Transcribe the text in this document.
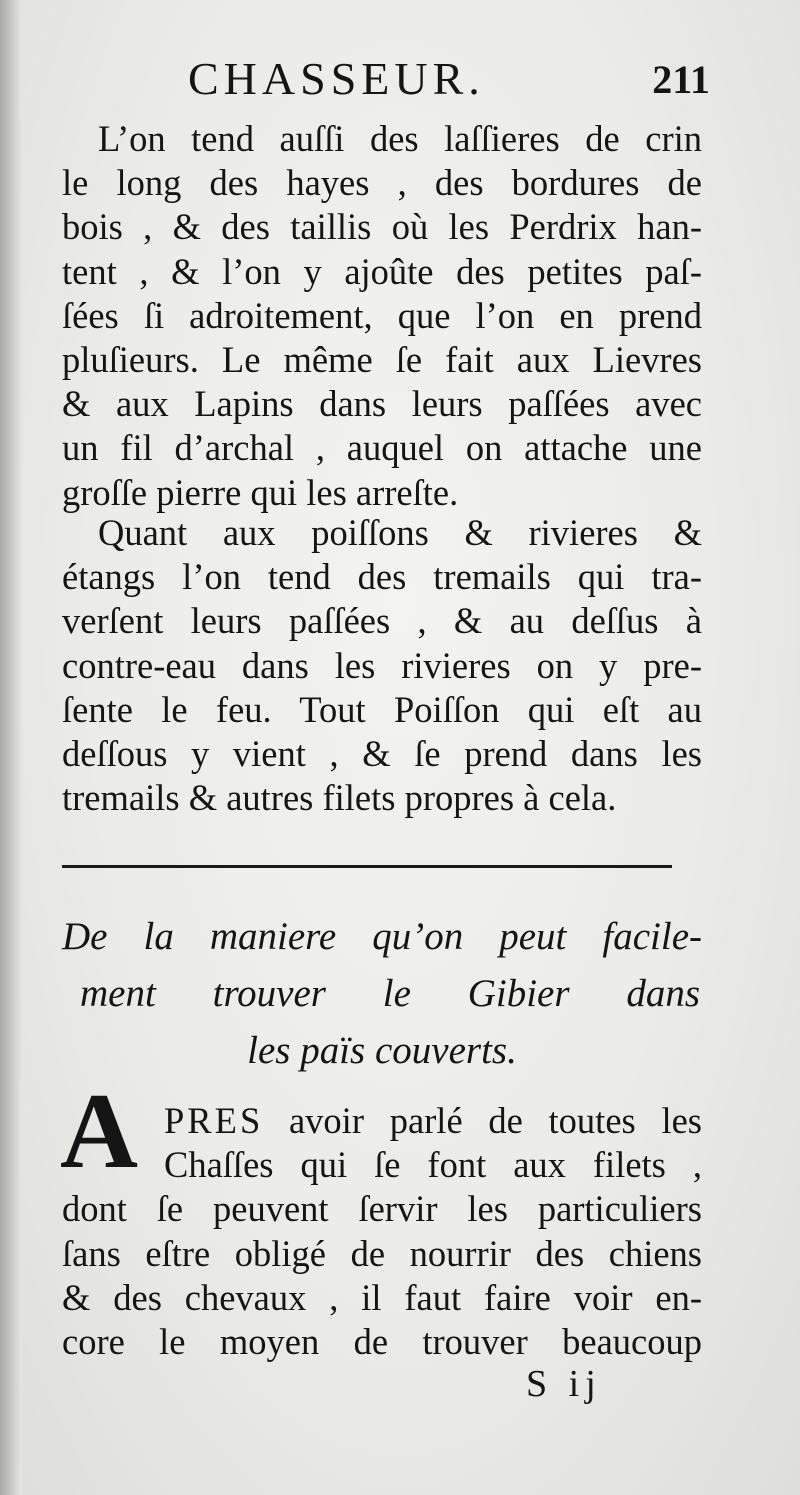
CHASSEUR.	211
L’on tend auſſi des laſſieres de crin
le long des hayes , des bordures de
bois , & des taillis où les Perdrix han-
tent , & l’on y ajoûte des petites paſ-
ſées ſi adroitement, que l’on en prend
pluſieurs. Le même ſe fait aux Lievres
& aux Lapins dans leurs paſſées avec
un fil d’archal , auquel on attache une
groſſe pierre qui les arreſte.
Quant aux poiſſons & rivieres &
étangs l’on tend des tremails qui tra-
verſent leurs paſſées , & au deſſus à
contre-eau dans les rivieres on y pre-
ſente le feu. Tout Poiſſon qui eſt au
deſſous y vient , & ſe prend dans les
tremails & autres filets propres à cela.
De la maniere qu’on peut facile-
ment trouver le Gibier dans
les païs couverts.
A PRES avoir parlé de toutes les
Chaſſes qui ſe font aux filets ,
dont ſe peuvent ſervir les particuliers
ſans eſtre obligé de nourrir des chiens
& des chevaux , il faut faire voir en-
core le moyen de trouver beaucoup
S ij
